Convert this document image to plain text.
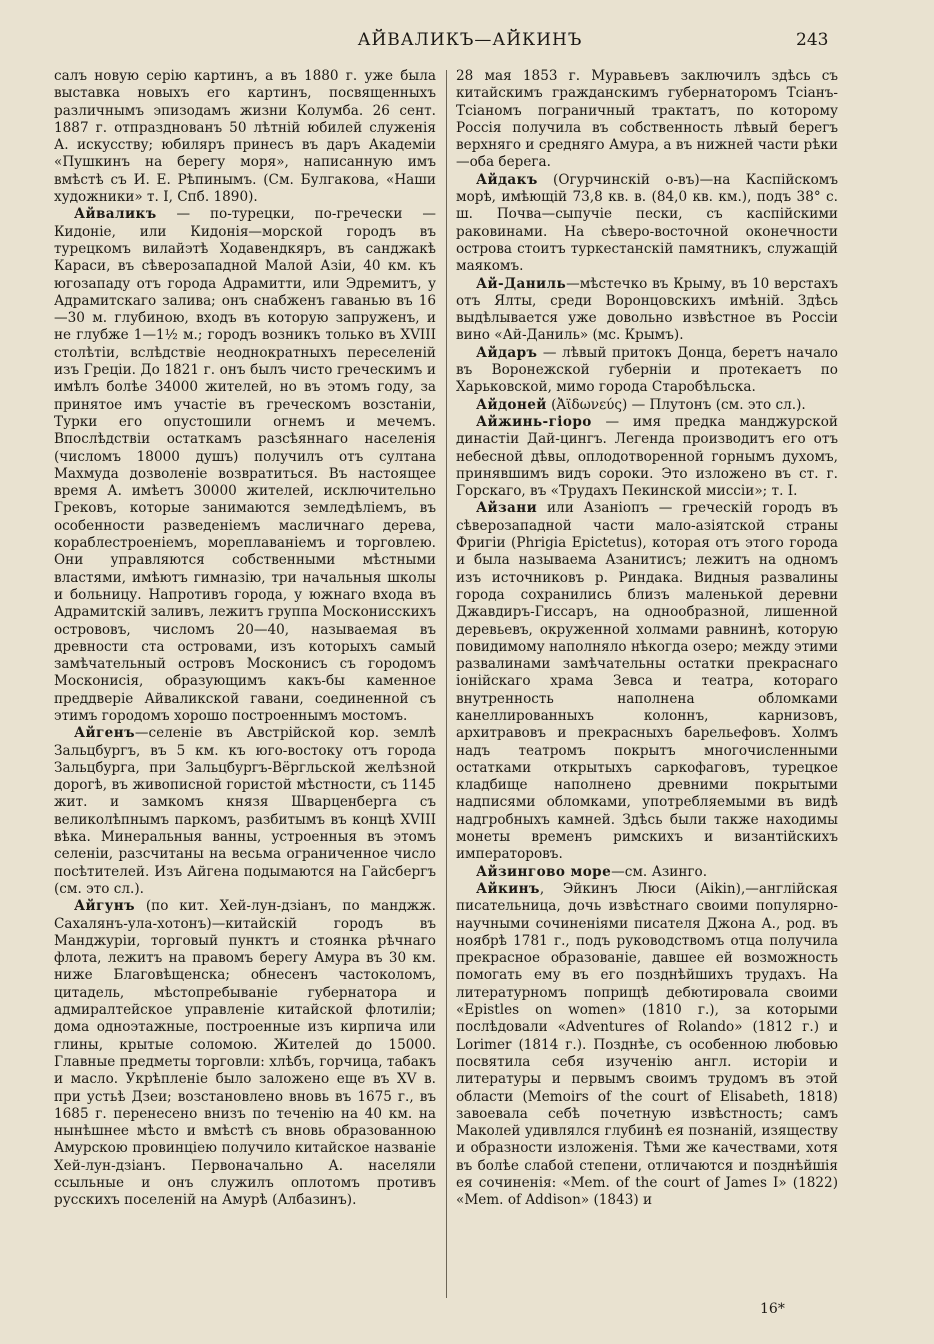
АЙВАЛИКЪ—АЙКИНЪ	243

салъ новую серію картинъ, а въ 1880 г. уже была выставка новыхъ его картинъ, посвященныхъ различнымъ эпизодамъ жизни Колумба. 26 сент. 1887 г. отпразднованъ 50 лѣтній юбилей служенія А. искусству; юбиляръ принесъ въ даръ Академіи «Пушкинъ на берегу моря», написанную имъ вмѣстѣ съ И. Е. Рѣпинымъ. (См. Булгакова, «Наши художники» т. I, Спб. 1890).

Айваликъ — по-турецки, по-гречески — Кидоніе, или Кидонія—морской городъ въ турецкомъ вилайэтѣ Ходавендкяръ, въ санджакѣ Караси, въ сѣверозападной Малой Азіи, 40 км. къ югозападу отъ города Адрамитти, или Эдремитъ, у Адрамитскаго залива; онъ снабженъ гаванью въ 16—30 м. глубиною, входъ въ которую запруженъ, и не глубже 1—1½ м.; городъ возникъ только въ XVIII столѣтіи, вслѣдствіе неоднократныхъ переселеній изъ Греціи. До 1821 г. онъ былъ чисто греческимъ и имѣлъ болѣе 34000 жителей, но въ этомъ году, за принятое имъ участіе въ греческомъ возстаніи, Турки его опустошили огнемъ и мечемъ. Впослѣдствіи остаткамъ разсѣяннаго населенія (числомъ 18000 душъ) получилъ отъ султана Махмуда дозволеніе возвратиться. Въ настоящее время А. имѣетъ 30000 жителей, исключительно Грековъ, которые занимаются земледѣліемъ, въ особенности разведеніемъ масличнаго дерева, кораблестроеніемъ, мореплаваніемъ и торговлею. Они управляются собственными мѣстными властями, имѣютъ гимназію, три начальныя школы и больницу. Напротивъ города, у южнаго входа въ Адрамитскій заливъ, лежитъ группа Москонисскихъ острововъ, числомъ 20—40, называемая въ древности ста островами, изъ которыхъ самый замѣчательный островъ Москонисъ съ городомъ Москонисія, образующимъ какъ-бы каменное преддверіе Айваликской гавани, соединенной съ этимъ городомъ хорошо построеннымъ мостомъ.

Айгенъ—селеніе въ Австрійской кор. землѣ Зальцбургъ, въ 5 км. къ юго-востоку отъ города Зальцбурга, при Зальцбургъ-Вёргльской желѣзной дорогѣ, въ живописной гористой мѣстности, съ 1145 жит. и замкомъ князя Шварценберга съ великолѣпнымъ паркомъ, разбитымъ въ концѣ XVIII вѣка. Минеральныя ванны, устроенныя въ этомъ селеніи, разсчитаны на весьма ограниченное число посѣтителей. Изъ Айгена подымаются на Гайсбергъ (см. это сл.).

Айгунъ (по кит. Хей-лун-дзіанъ, по манджж. Сахалянъ-ула-хотонъ)—китайскій городъ въ Манджуріи, торговый пунктъ и стоянка рѣчнаго флота, лежитъ на правомъ берегу Амура въ 30 км. ниже Благовѣщенска; обнесенъ частоколомъ, цитадель, мѣстопребываніе губернатора и адмиралтейское управленіе китайской флотиліи; дома одноэтажные, построенные изъ кирпича или глины, крытые соломою. Жителей до 15000. Главные предметы торговли: хлѣбъ, горчица, табакъ и масло. Укрѣпленіе было заложено еще въ XV в. при устьѣ Дзеи; возстановлено вновь въ 1675 г., въ 1685 г. перенесено внизъ по теченію на 40 км. на нынѣшнее мѣсто и вмѣстѣ съ вновь образованною Амурскою провинціею получило китайское названіе Хей-лун-дзіанъ. Первоначально А. населяли ссыльные и онъ служилъ оплотомъ противъ русскихъ поселеній на Амурѣ (Албазинъ).

28 мая 1853 г. Муравьевъ заключилъ здѣсь съ китайскимъ гражданскимъ губернаторомъ Тсіанъ-Тсіаномъ пограничный трактатъ, по которому Россія получила въ собственность лѣвый берегъ верхняго и средняго Амура, а въ нижней части рѣки—оба берега.

Айдакъ (Огурчинскій о-въ)—на Каспійскомъ морѣ, имѣющій 73,8 кв. в. (84,0 кв. км.), подъ 38° с. ш. Почва—сыпучіе пески, съ каспійскими раковинами. На сѣверо-восточной оконечности острова стоитъ туркестанскій памятникъ, служащій маякомъ.

Ай-Даниль—мѣстечко въ Крыму, въ 10 верстахъ отъ Ялты, среди Воронцовскихъ имѣній. Здѣсь выдѣлывается уже довольно извѣстное въ Россіи вино «Ай-Даниль» (мс. Крымъ).

Айдаръ — лѣвый притокъ Донца, беретъ начало въ Воронежской губерніи и протекаетъ по Харьковской, мимо города Старобѣльска.

Айдоней (Ἀϊδωνεύς) — Плутонъ (см. это сл.).

Айжинь-гіоро — имя предка манджурской династіи Дай-цингъ. Легенда производитъ его отъ небесной дѣвы, оплодотворенной горнымъ духомъ, принявшимъ видъ сороки. Это изложено въ ст. г. Горскаго, въ «Трудахъ Пекинской миссіи»; т. I.

Айзани или Азаніопъ — греческій городъ въ сѣверозападной части мало-азіятской страны Фригіи (Phrigia Epictetus), которая отъ этого города и была называема Азанитисъ; лежитъ на одномъ изъ источниковъ р. Риндака. Видныя развалины города сохранились близъ маленькой деревни Джавдиръ-Гиссаръ, на однообразной, лишенной деревьевъ, окруженной холмами равнинѣ, которую повидимому наполняло нѣкогда озеро; между этими развалинами замѣчательны остатки прекраснаго іонійскаго храма Зевса и театра, котораго внутренность наполнена обломками канеллированныхъ колоннъ, карнизовъ, архитравовъ и прекрасныхъ барельефовъ. Холмъ надъ театромъ покрытъ многочисленными остатками открытыхъ саркофаговъ, турецкое кладбище наполнено древними покрытыми надписями обломками, употребляемыми въ видѣ надгробныхъ камней. Здѣсь были также находимы монеты временъ римскихъ и византійскихъ императоровъ.

Айзингово море—см. Азинго.

Айкинъ, Эйкинъ Люси (Aikin),—англійская писательница, дочь извѣстнаго своими популярно-научными сочиненіями писателя Джона А., род. въ ноябрѣ 1781 г., подъ руководствомъ отца получила прекрасное образованіе, давшее ей возможность помогать ему въ его позднѣйшихъ трудахъ. На литературномъ поприщѣ дебютировала своими «Epistles on women» (1810 г.), за которыми послѣдовали «Adventures of Rolando» (1812 г.) и Lorimer (1814 г.). Позднѣе, съ особенною любовью посвятила себя изученію англ. исторіи и литературы и первымъ своимъ трудомъ въ этой области (Memoirs of the court of Elisabeth, 1818) завоевала себѣ почетную извѣстность; самъ Маколей удивлялся глубинѣ ея познаній, изяществу и образности изложенія. Тѣми же качествами, хотя въ болѣе слабой степени, отличаются и позднѣйшія ея сочиненія: «Mem. of the court of James I» (1822) «Mem. of Addison» (1843) и

16*
